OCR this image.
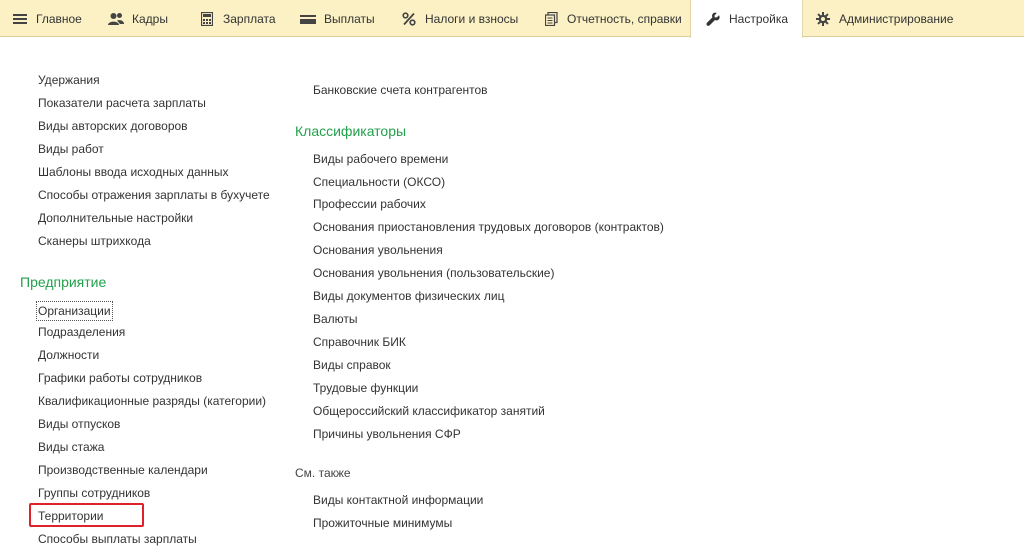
Главное	Кадры	Зарплата	Выплаты	Налоги и взносы	Отчетность, справки	Настройка	Администрирование
Удержания
Показатели расчета зарплаты
Виды авторских договоров
Виды работ
Шаблоны ввода исходных данных
Способы отражения зарплаты в бухучете
Дополнительные настройки
Сканеры штрихкода
Предприятие
Организации
Подразделения
Должности
Графики работы сотрудников
Квалификационные разряды (категории)
Виды отпусков
Виды стажа
Производственные календари
Группы сотрудников
Территории
Способы выплаты зарплаты
Банковские счета контрагентов
Классификаторы
Виды рабочего времени
Специальности (ОКСО)
Профессии рабочих
Основания приостановления трудовых договоров (контрактов)
Основания увольнения
Основания увольнения (пользовательские)
Виды документов физических лиц
Валюты
Справочник БИК
Виды справок
Трудовые функции
Общероссийский классификатор занятий
Причины увольнения СФР
См. также
Виды контактной информации
Прожиточные минимумы
